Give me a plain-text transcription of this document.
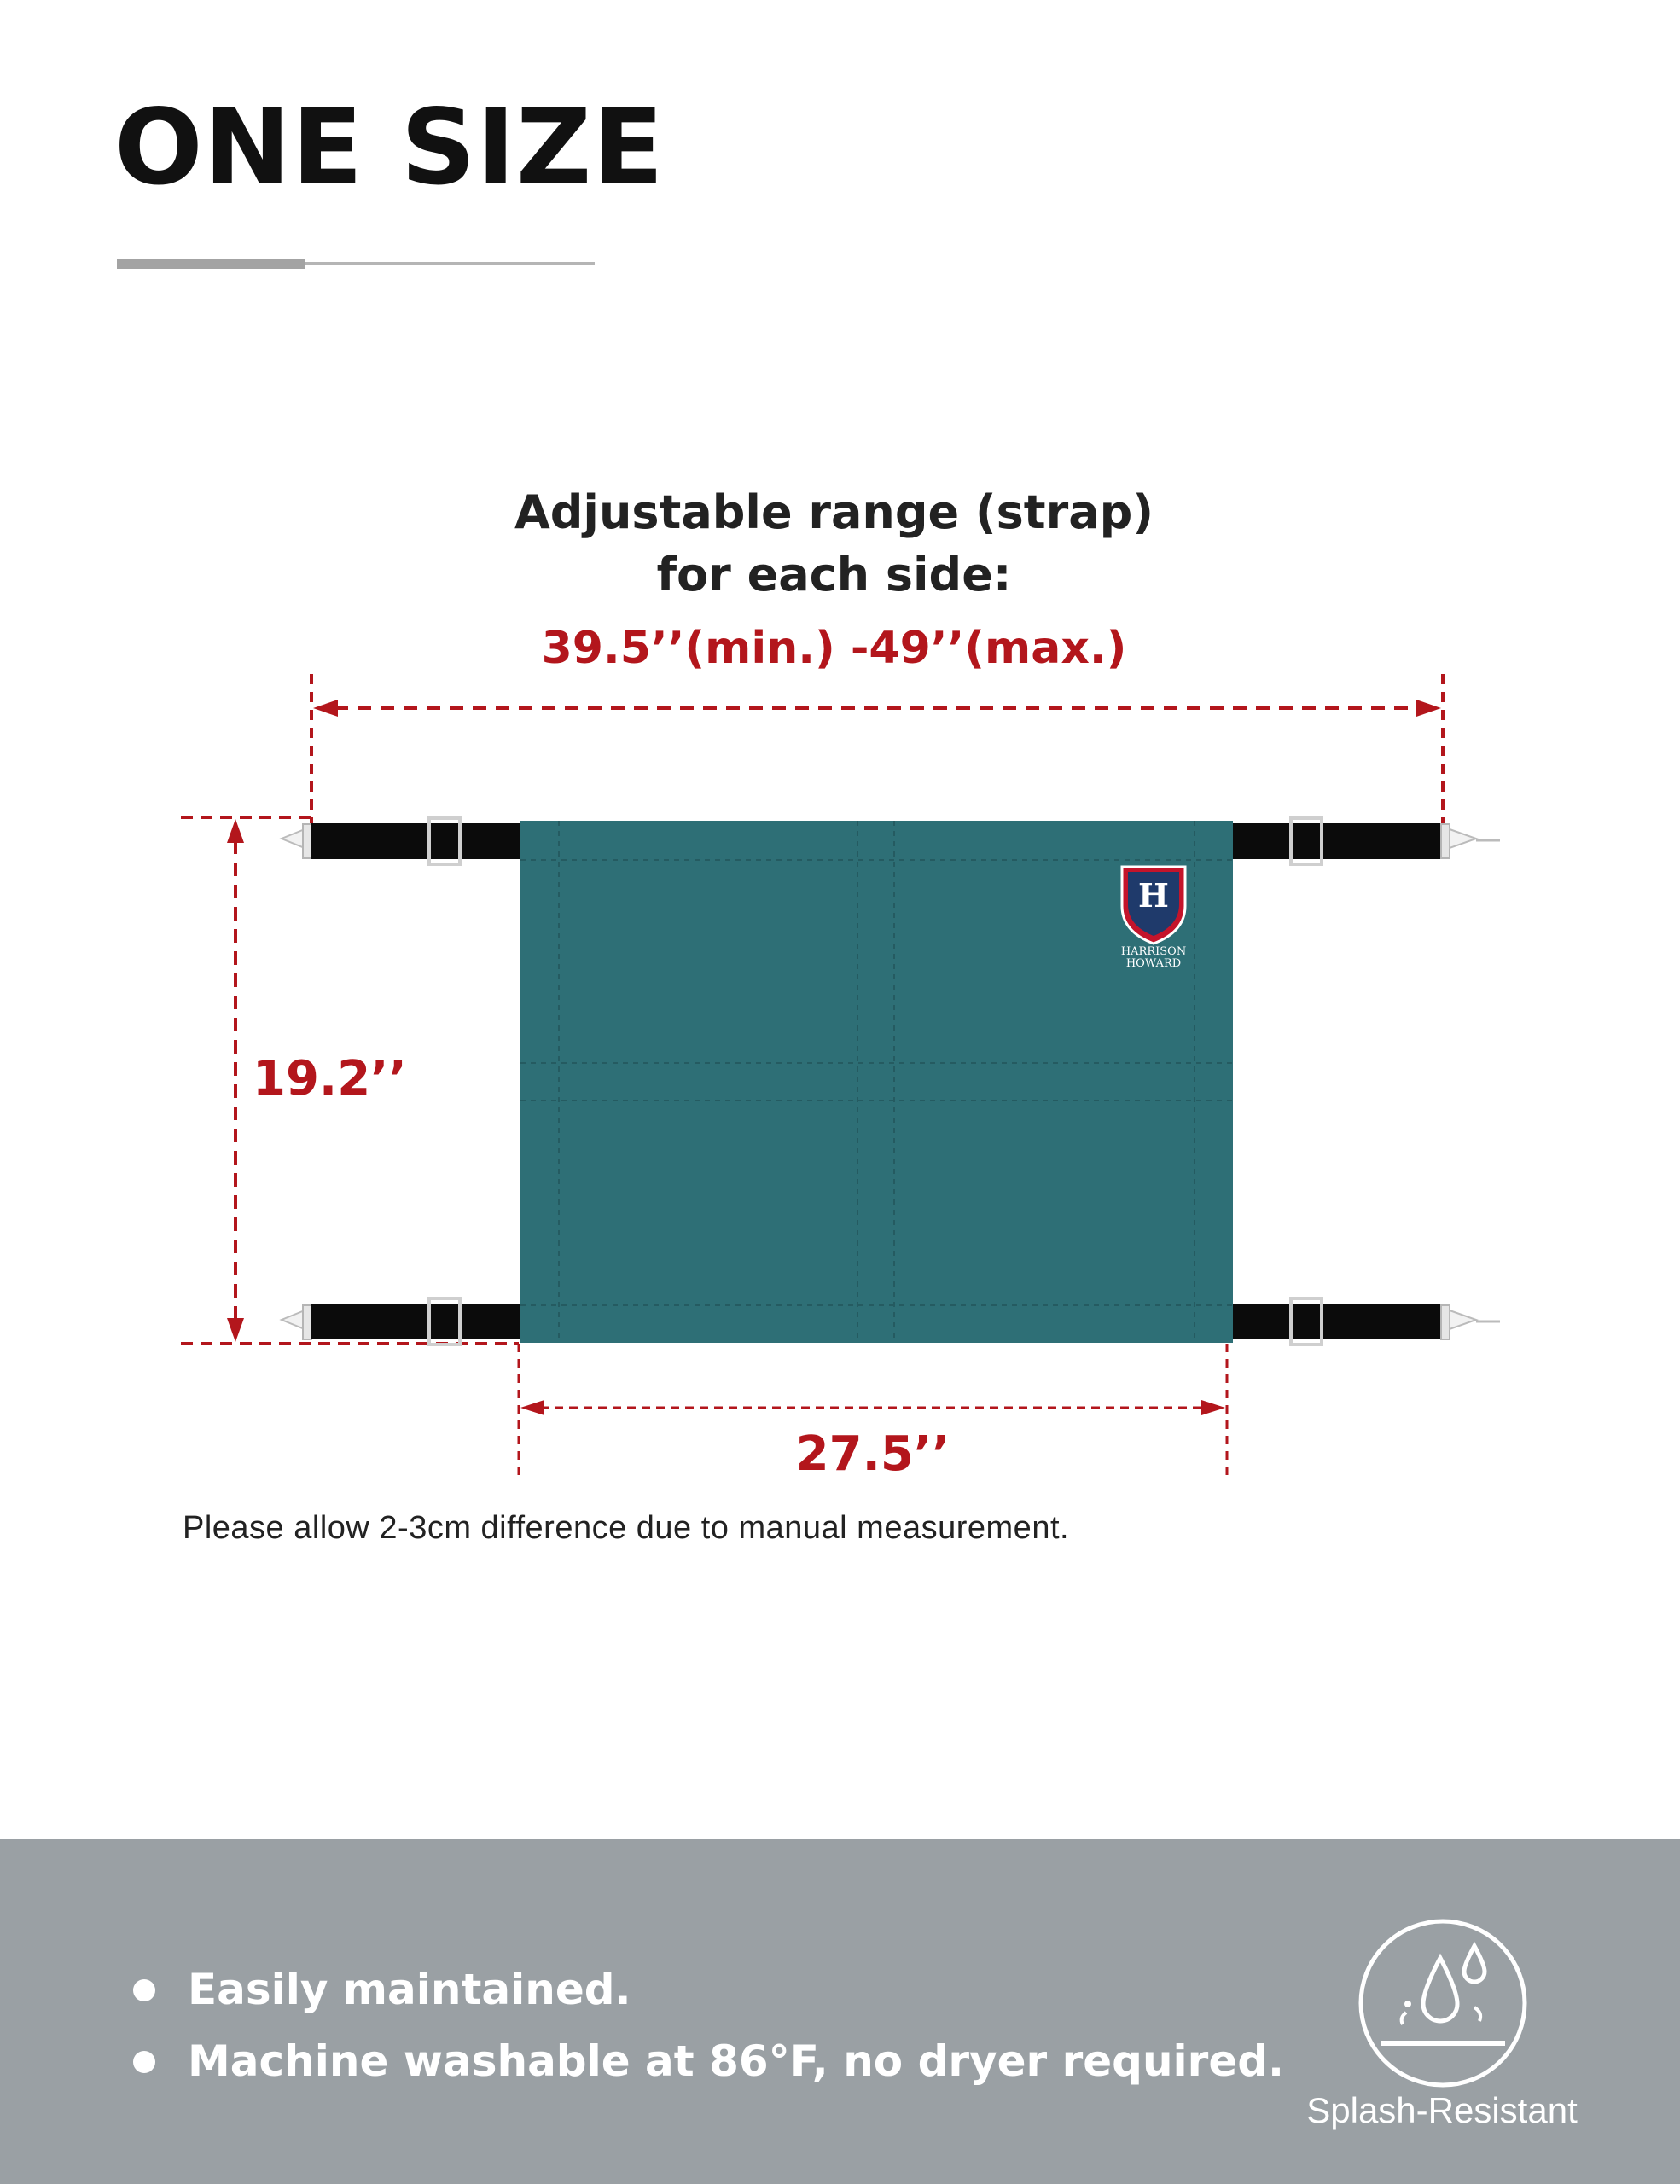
ONE SIZE
Adjustable range (strap)
for each side:
39.5’’(min.) -49’’(max.)
H
HARRISON
HOWARD
19.2’’
27.5’’
Please allow 2-3cm difference due to manual measurement.
Easily maintained.
Machine washable at 86°F, no dryer required.
Splash-Resistant
